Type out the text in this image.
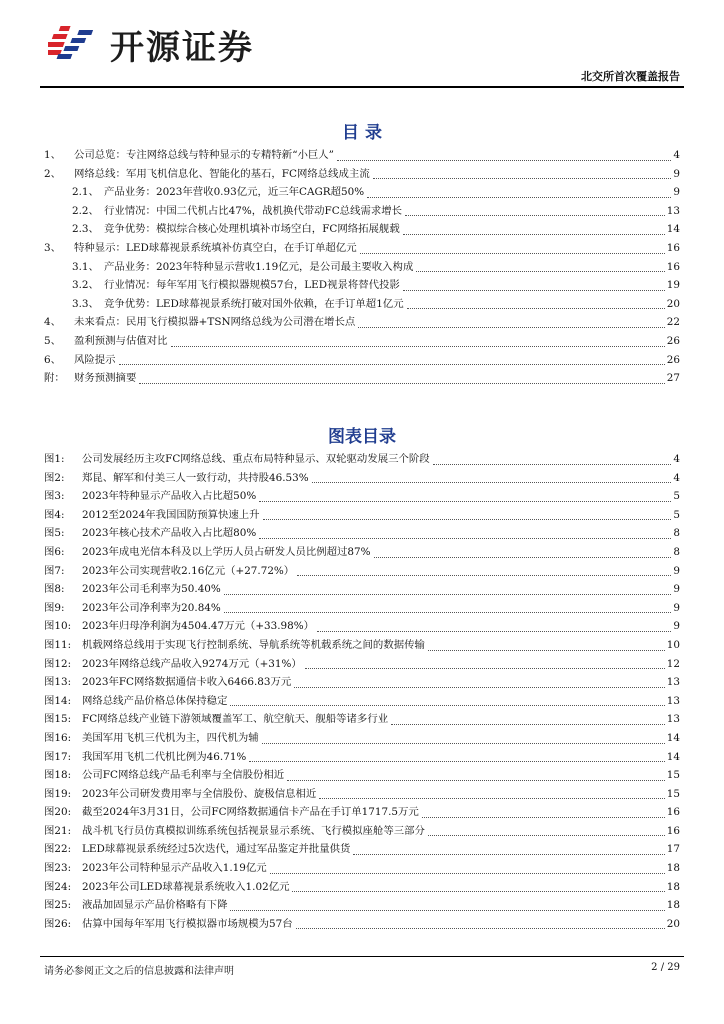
开源证券
北交所首次覆盖报告
目 录
1、	公司总览：专注网络总线与特种显示的专精特新“小巨人”	4
2、	网络总线：军用飞机信息化、智能化的基石，FC网络总线成主流	9
2.1、 产品业务：2023年营收0.93亿元，近三年CAGR超50%	9
2.2、 行业情况：中国二代机占比47%，战机换代带动FC总线需求增长	13
2.3、 竞争优势：模拟综合核心处理机填补市场空白，FC网络拓展舰载	14
3、	特种显示：LED球幕视景系统填补仿真空白，在手订单超亿元	16
3.1、 产品业务：2023年特种显示营收1.19亿元，是公司最主要收入构成	16
3.2、 行业情况：每年军用飞行模拟器规模57台，LED视景将替代投影	19
3.3、 竞争优势：LED球幕视景系统打破对国外依赖，在手订单超1亿元	20
4、	未来看点：民用飞行模拟器+TSN网络总线为公司潜在增长点	22
5、	盈利预测与估值对比	26
6、	风险提示	26
附： 财务预测摘要	27
图表目录
图1:	公司发展经历主攻FC网络总线、重点布局特种显示、双轮驱动发展三个阶段	4
图2:	郑昆、解军和付美三人一致行动，共持股46.53%	4
图3:	2023年特种显示产品收入占比超50%	5
图4:	2012至2024年我国国防预算快速上升	5
图5:	2023年核心技术产品收入占比超80%	8
图6:	2023年成电光信本科及以上学历人员占研发人员比例超过87%	8
图7:	2023年公司实现营收2.16亿元（+27.72%）	9
图8:	2023年公司毛利率为50.40%	9
图9:	2023年公司净利率为20.84%	9
图10:	2023年归母净利润为4504.47万元（+33.98%）	9
图11:	机载网络总线用于实现飞行控制系统、导航系统等机载系统之间的数据传输	10
图12:	2023年网络总线产品收入9274万元（+31%）	12
图13:	2023年FC网络数据通信卡收入6466.83万元	13
图14:	网络总线产品价格总体保持稳定	13
图15:	FC网络总线产业链下游领域覆盖军工、航空航天、舰船等诸多行业	13
图16:	美国军用飞机三代机为主，四代机为辅	14
图17:	我国军用飞机二代机比例为46.71%	14
图18:	公司FC网络总线产品毛利率与全信股份相近	15
图19:	2023年公司研发费用率与全信股份、旋极信息相近	15
图20:	截至2024年3月31日，公司FC网络数据通信卡产品在手订单1717.5万元	16
图21:	战斗机飞行员仿真模拟训练系统包括视景显示系统、飞行模拟座舱等三部分	16
图22:	LED球幕视景系统经过5次迭代，通过军品鉴定并批量供货	17
图23:	2023年公司特种显示产品收入1.19亿元	18
图24:	2023年公司LED球幕视景系统收入1.02亿元	18
图25:	液晶加固显示产品价格略有下降	18
图26:	估算中国每年军用飞行模拟器市场规模为57台	20
请务必参阅正文之后的信息披露和法律声明	2 / 29
